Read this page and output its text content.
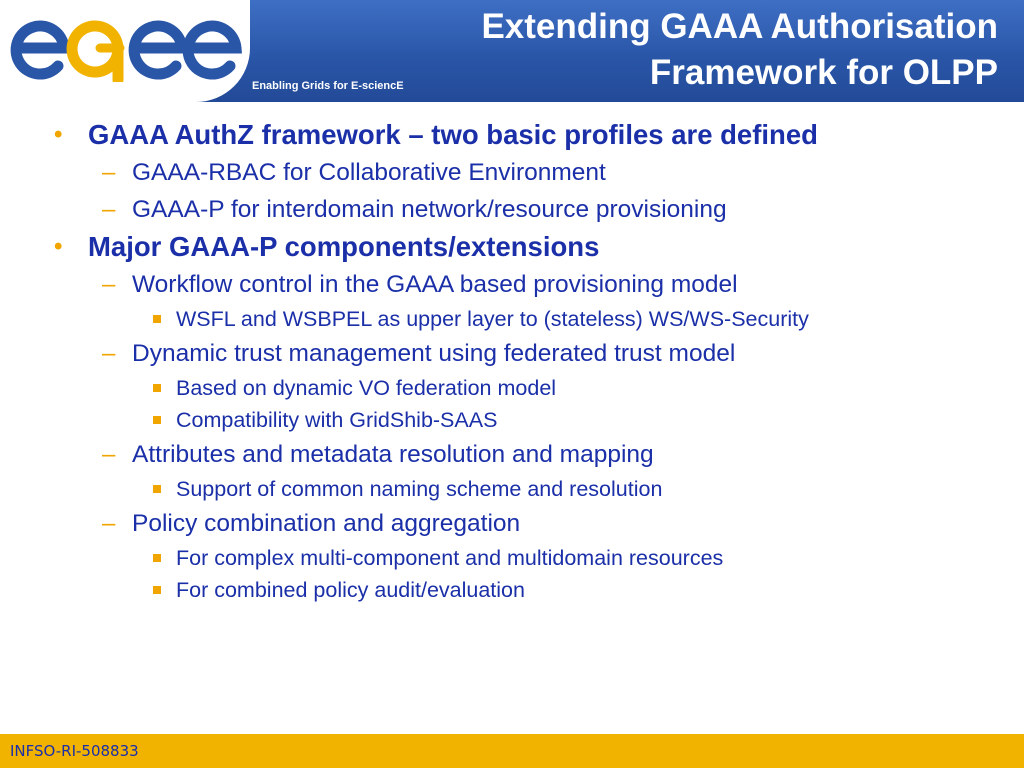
Enabling Grids for E-sciencE
Extending GAAA Authorisation
Framework for OLPP
• GAAA AuthZ framework – two basic profiles are defined
– GAAA-RBAC for Collaborative Environment
– GAAA-P for interdomain network/resource provisioning
• Major GAAA-P components/extensions
– Workflow control in the GAAA based provisioning model
WSFL and WSBPEL as upper layer to (stateless) WS/WS-Security
– Dynamic trust management using federated trust model
Based on dynamic VO federation model
Compatibility with GridShib-SAAS
– Attributes and metadata resolution and mapping
Support of common naming scheme and resolution
– Policy combination and aggregation
For complex multi-component and multidomain resources
For combined policy audit/evaluation
INFSO-RI-508833
